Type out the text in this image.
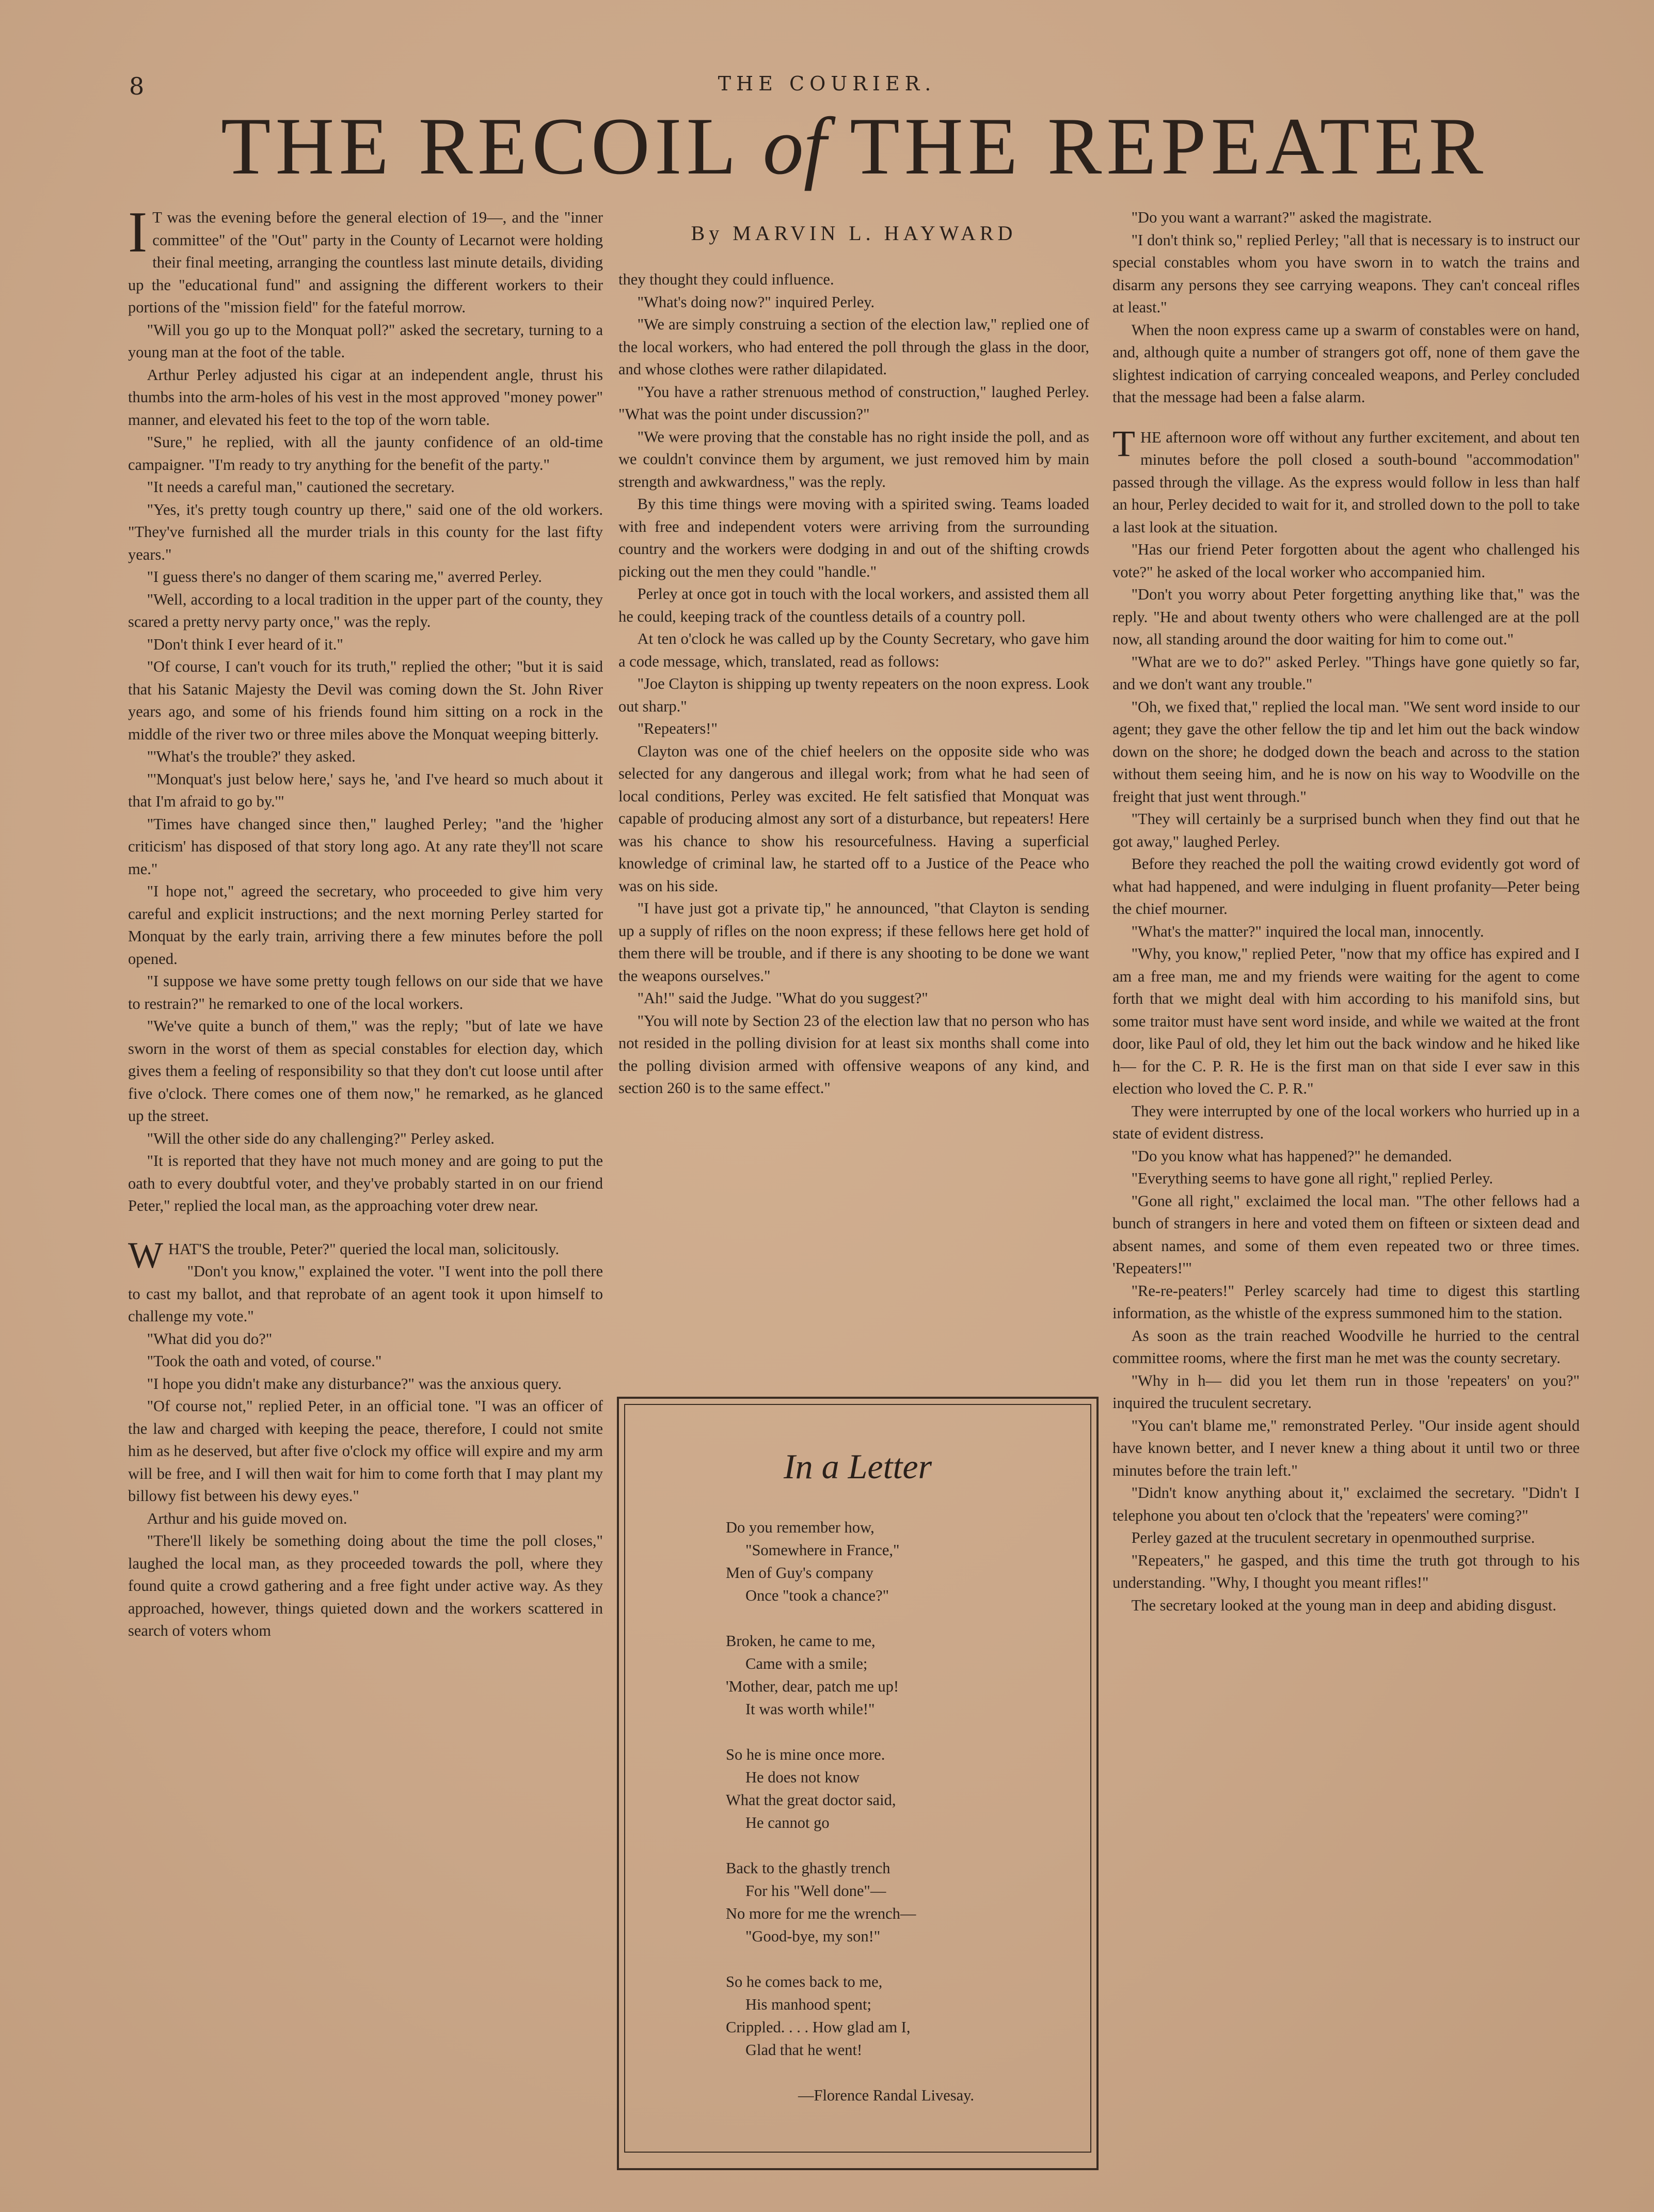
8	THE COURIER.
THE RECOIL of THE REPEATER
I T was the evening before the general election of 19—, and the "inner committee" of the "Out" party in the County of Lecarnot were holding their final meeting, arranging the countless last minute details, dividing up the "educational fund" and assigning the different workers to their portions of the "mission field" for the fateful morrow.

"Will you go up to the Monquat poll?" asked the secretary, turning to a young man at the foot of the table.

Arthur Perley adjusted his cigar at an independent angle, thrust his thumbs into the arm-holes of his vest in the most approved "money power" manner, and elevated his feet to the top of the worn table.

"Sure," he replied, with all the jaunty confidence of an old-time campaigner. "I'm ready to try anything for the benefit of the party."

"It needs a careful man," cautioned the secretary.

"Yes, it's pretty tough country up there," said one of the old workers. "They've furnished all the murder trials in this county for the last fifty years."

"I guess there's no danger of them scaring me," averred Perley.

"Well, according to a local tradition in the upper part of the county, they scared a pretty nervy party once," was the reply.

"Don't think I ever heard of it."

"Of course, I can't vouch for its truth," replied the other; "but it is said that his Satanic Majesty the Devil was coming down the St. John River years ago, and some of his friends found him sitting on a rock in the middle of the river two or three miles above the Monquat weeping bitterly.

"'What's the trouble?' they asked.

"'Monquat's just below here,' says he, 'and I've heard so much about it that I'm afraid to go by.'"

"Times have changed since then," laughed Perley; "and the 'higher criticism' has disposed of that story long ago. At any rate they'll not scare me."

"I hope not," agreed the secretary, who proceeded to give him very careful and explicit instructions; and the next morning Perley started for Monquat by the early train, arriving there a few minutes before the poll opened.

"I suppose we have some pretty tough fellows on our side that we have to restrain?" he remarked to one of the local workers.

"We've quite a bunch of them," was the reply; "but of late we have sworn in the worst of them as special constables for election day, which gives them a feeling of responsibility so that they don't cut loose until after five o'clock. There comes one of them now," he remarked, as he glanced up the street.

"Will the other side do any challenging?" Perley asked.

"It is reported that they have not much money and are going to put the oath to every doubtful voter, and they've probably started in on our friend Peter," replied the local man, as the approaching voter drew near.

W HAT'S the trouble, Peter?" queried the local man, solicitously.

"Don't you know," explained the voter. "I went into the poll there to cast my ballot, and that reprobate of an agent took it upon himself to challenge my vote."

"What did you do?"

"Took the oath and voted, of course."

"I hope you didn't make any disturbance?" was the anxious query.

"Of course not," replied Peter, in an official tone. "I was an officer of the law and charged with keeping the peace, therefore, I could not smite him as he deserved, but after five o'clock my office will expire and my arm will be free, and I will then wait for him to come forth that I may plant my billowy fist between his dewy eyes."

Arthur and his guide moved on.

"There'll likely be something doing about the time the poll closes," laughed the local man, as they proceeded towards the poll, where they found quite a crowd gathering and a free fight under active way. As they approached, however, things quieted down and the workers scattered in search of voters whom

By MARVIN L. HAYWARD

they thought they could influence.

"What's doing now?" inquired Perley.

"We are simply construing a section of the election law," replied one of the local workers, who had entered the poll through the glass in the door, and whose clothes were rather dilapidated.

"You have a rather strenuous method of construction," laughed Perley. "What was the point under discussion?"

"We were proving that the constable has no right inside the poll, and as we couldn't convince them by argument, we just removed him by main strength and awkwardness," was the reply.

By this time things were moving with a spirited swing. Teams loaded with free and independent voters were arriving from the surrounding country and the workers were dodging in and out of the shifting crowds picking out the men they could "handle."

Perley at once got in touch with the local workers, and assisted them all he could, keeping track of the countless details of a country poll.

At ten o'clock he was called up by the County Secretary, who gave him a code message, which, translated, read as follows:

"Joe Clayton is shipping up twenty repeaters on the noon express. Look out sharp."

"Repeaters!"

Clayton was one of the chief heelers on the opposite side who was selected for any dangerous and illegal work; from what he had seen of local conditions, Perley was excited. He felt satisfied that Monquat was capable of producing almost any sort of a disturbance, but repeaters! Here was his chance to show his resourcefulness. Having a superficial knowledge of criminal law, he started off to a Justice of the Peace who was on his side.

"I have just got a private tip," he announced, "that Clayton is sending up a supply of rifles on the noon express; if these fellows here get hold of them there will be trouble, and if there is any shooting to be done we want the weapons ourselves."

"Ah!" said the Judge. "What do you suggest?"

"You will note by Section 23 of the election law that no person who has not resided in the polling division for at least six months shall come into the polling division armed with offensive weapons of any kind, and section 260 is to the same effect."

In a Letter
Do you remember how,
"Somewhere in France,"
Men of Guy's company
Once "took a chance?"
Broken, he came to me,
Came with a smile;
'Mother, dear, patch me up!
It was worth while!"
So he is mine once more.
He does not know
What the great doctor said,
He cannot go
Back to the ghastly trench
For his "Well done"—
No more for me the wrench—
"Good-bye, my son!"
So he comes back to me,
His manhood spent;
Crippled. . . . How glad am I,
Glad that he went!
—Florence Randal Livesay.

"Do you want a warrant?" asked the magistrate.

"I don't think so," replied Perley; "all that is necessary is to instruct our special constables whom you have sworn in to watch the trains and disarm any persons they see carrying weapons. They can't conceal rifles at least."

When the noon express came up a swarm of constables were on hand, and, although quite a number of strangers got off, none of them gave the slightest indication of carrying concealed weapons, and Perley concluded that the message had been a false alarm.

T HE afternoon wore off without any further excitement, and about ten minutes before the poll closed a south-bound "accommodation" passed through the village. As the express would follow in less than half an hour, Perley decided to wait for it, and strolled down to the poll to take a last look at the situation.

"Has our friend Peter forgotten about the agent who challenged his vote?" he asked of the local worker who accompanied him.

"Don't you worry about Peter forgetting anything like that," was the reply. "He and about twenty others who were challenged are at the poll now, all standing around the door waiting for him to come out."

"What are we to do?" asked Perley. "Things have gone quietly so far, and we don't want any trouble."

"Oh, we fixed that," replied the local man. "We sent word inside to our agent; they gave the other fellow the tip and let him out the back window down on the shore; he dodged down the beach and across to the station without them seeing him, and he is now on his way to Woodville on the freight that just went through."

"They will certainly be a surprised bunch when they find out that he got away," laughed Perley.

Before they reached the poll the waiting crowd evidently got word of what had happened, and were indulging in fluent profanity—Peter being the chief mourner.

"What's the matter?" inquired the local man, innocently.

"Why, you know," replied Peter, "now that my office has expired and I am a free man, me and my friends were waiting for the agent to come forth that we might deal with him according to his manifold sins, but some traitor must have sent word inside, and while we waited at the front door, like Paul of old, they let him out the back window and he hiked like h— for the C. P. R. He is the first man on that side I ever saw in this election who loved the C. P. R."

They were interrupted by one of the local workers who hurried up in a state of evident distress.

"Do you know what has happened?" he demanded.

"Everything seems to have gone all right," replied Perley.

"Gone all right," exclaimed the local man. "The other fellows had a bunch of strangers in here and voted them on fifteen or sixteen dead and absent names, and some of them even repeated two or three times. 'Repeaters!'"

"Re-re-peaters!" Perley scarcely had time to digest this startling information, as the whistle of the express summoned him to the station.

As soon as the train reached Woodville he hurried to the central committee rooms, where the first man he met was the county secretary.

"Why in h— did you let them run in those 'repeaters' on you?" inquired the truculent secretary.

"You can't blame me," remonstrated Perley. "Our inside agent should have known better, and I never knew a thing about it until two or three minutes before the train left."

"Didn't know anything about it," exclaimed the secretary. "Didn't I telephone you about ten o'clock that the 'repeaters' were coming?"

Perley gazed at the truculent secretary in openmouthed surprise.

"Repeaters," he gasped, and this time the truth got through to his understanding. "Why, I thought you meant rifles!"

The secretary looked at the young man in deep and abiding disgust.
